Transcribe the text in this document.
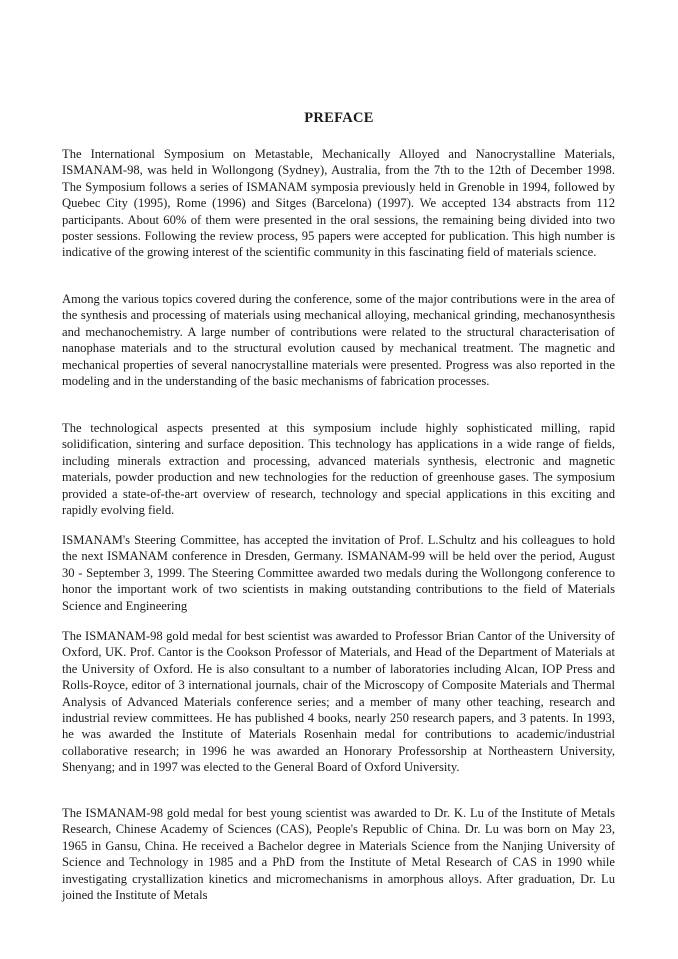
PREFACE

The International Symposium on Metastable, Mechanically Alloyed and Nanocrystalline Materials, ISMANAM-98, was held in Wollongong (Sydney), Australia, from the 7th to the 12th of December 1998. The Symposium follows a series of ISMANAM symposia previously held in Grenoble in 1994, followed by Quebec City (1995), Rome (1996) and Sitges (Barcelona) (1997). We accepted 134 abstracts from 112 participants. About 60% of them were presented in the oral sessions, the remaining being divided into two poster sessions. Following the review process, 95 papers were accepted for publication. This high number is indicative of the growing interest of the scientific community in this fascinating field of materials science.

Among the various topics covered during the conference, some of the major contributions were in the area of the synthesis and processing of materials using mechanical alloying, mechanical grinding, mechanosynthesis and mechanochemistry. A large number of contributions were related to the structural characterisation of nanophase materials and to the structural evolution caused by mechanical treatment. The magnetic and mechanical properties of several nanocrystalline materials were presented. Progress was also reported in the modeling and in the understanding of the basic mechanisms of fabrication processes.

The technological aspects presented at this symposium include highly sophisticated milling, rapid solidification, sintering and surface deposition. This technology has applications in a wide range of fields, including minerals extraction and processing, advanced materials synthesis, electronic and magnetic materials, powder production and new technologies for the reduction of greenhouse gases. The symposium provided a state-of-the-art overview of research, technology and special applications in this exciting and rapidly evolving field.

ISMANAM's Steering Committee, has accepted the invitation of Prof. L.Schultz and his colleagues to hold the next ISMANAM conference in Dresden, Germany. ISMANAM-99 will be held over the period, August 30 - September 3, 1999. The Steering Committee awarded two medals during the Wollongong conference to honor the important work of two scientists in making outstanding contributions to the field of Materials Science and Engineering

The ISMANAM-98 gold medal for best scientist was awarded to Professor Brian Cantor of the University of Oxford, UK. Prof. Cantor is the Cookson Professor of Materials, and Head of the Department of Materials at the University of Oxford. He is also consultant to a number of laboratories including Alcan, IOP Press and Rolls-Royce, editor of 3 international journals, chair of the Microscopy of Composite Materials and Thermal Analysis of Advanced Materials conference series; and a member of many other teaching, research and industrial review committees. He has published 4 books, nearly 250 research papers, and 3 patents. In 1993, he was awarded the Institute of Materials Rosenhain medal for contributions to academic/industrial collaborative research; in 1996 he was awarded an Honorary Professorship at Northeastern University, Shenyang; and in 1997 was elected to the General Board of Oxford University.

The ISMANAM-98 gold medal for best young scientist was awarded to Dr. K. Lu of the Institute of Metals Research, Chinese Academy of Sciences (CAS), People's Republic of China. Dr. Lu was born on May 23, 1965 in Gansu, China. He received a Bachelor degree in Materials Science from the Nanjing University of Science and Technology in 1985 and a PhD from the Institute of Metal Research of CAS in 1990 while investigating crystallization kinetics and micromechanisms in amorphous alloys. After graduation, Dr. Lu joined the Institute of Metals
